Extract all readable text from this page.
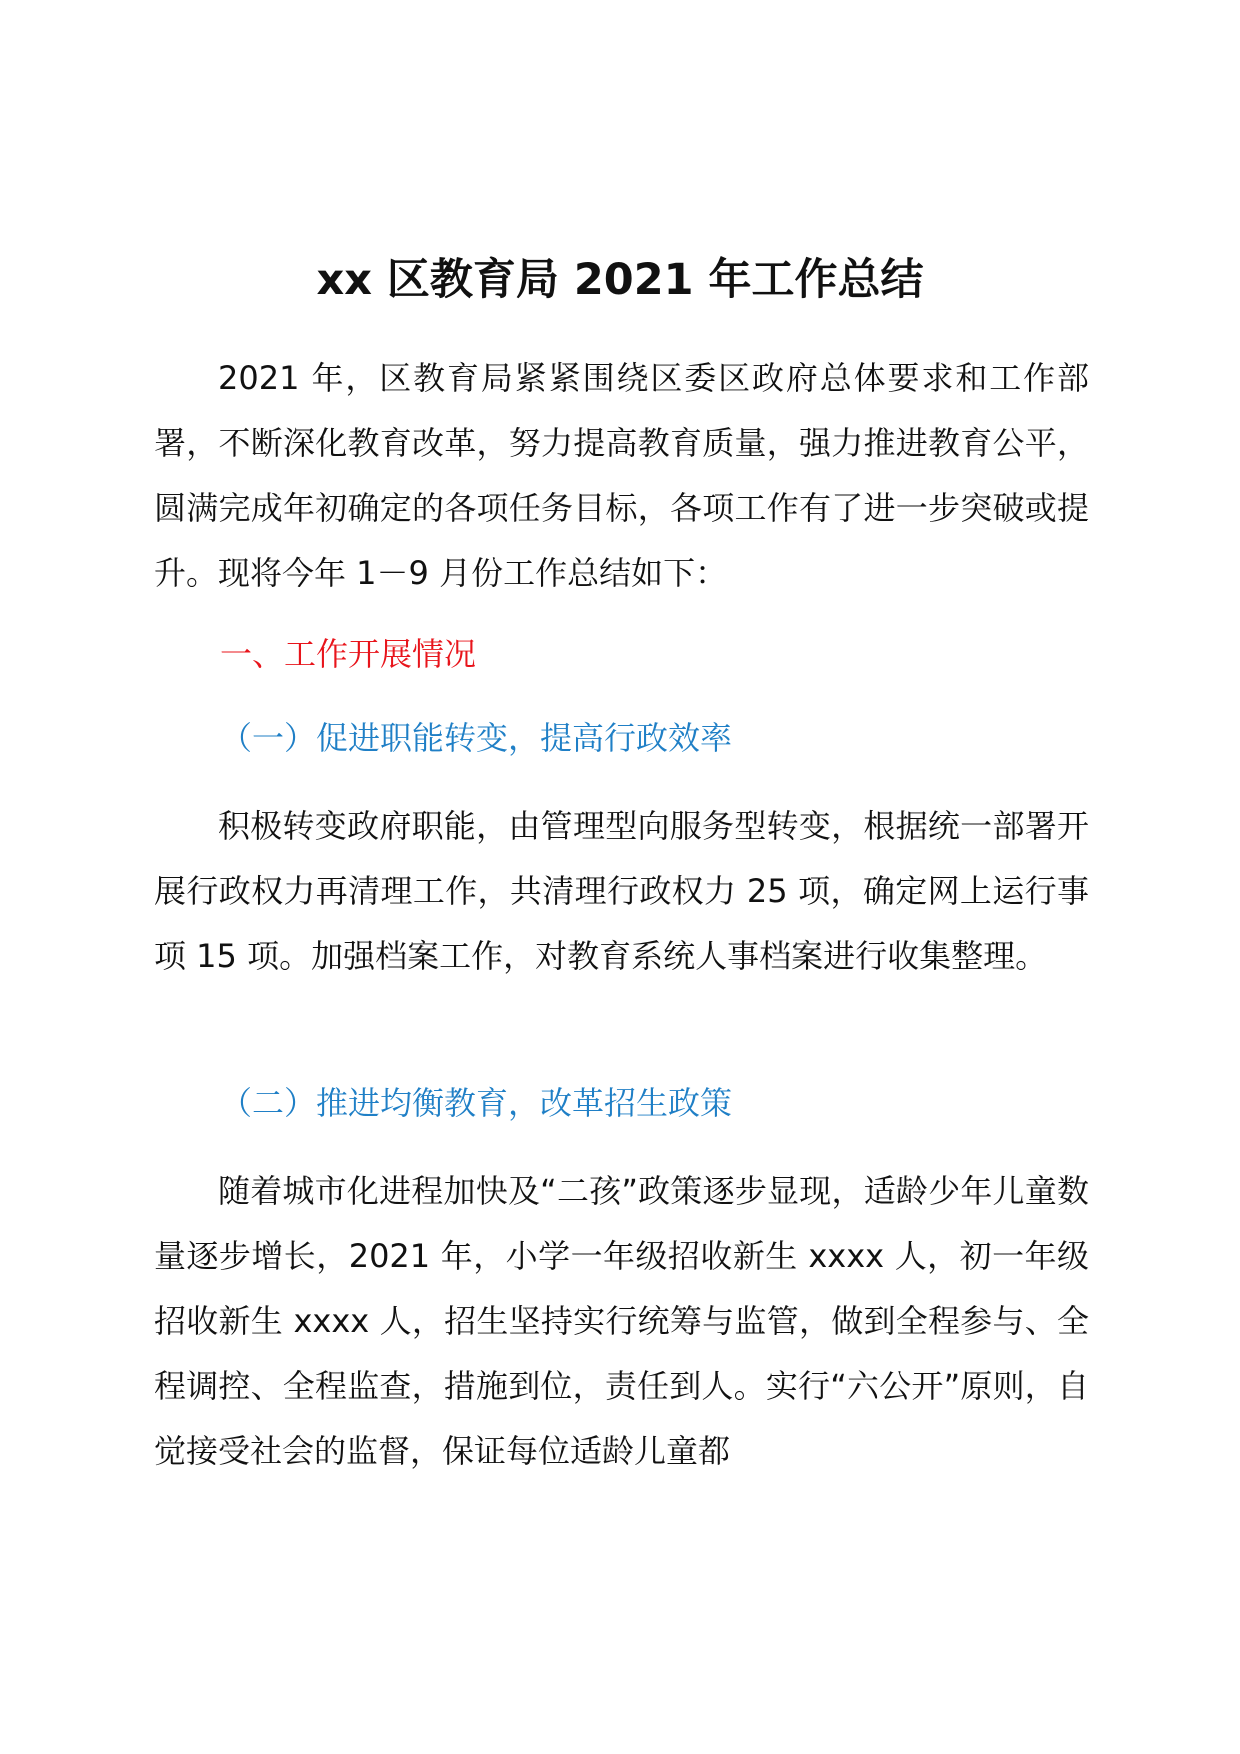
xx 区教育局 2021 年工作总结

2021 年，区教育局紧紧围绕区委区政府总体要求和工作部署，不断深化教育改革，努力提高教育质量，强力推进教育公平，圆满完成年初确定的各项任务目标，各项工作有了进一步突破或提升。现将今年 1－9 月份工作总结如下：

一、工作开展情况

（一）促进职能转变，提高行政效率

积极转变政府职能，由管理型向服务型转变，根据统一部署开展行政权力再清理工作，共清理行政权力 25 项，确定网上运行事项 15 项。加强档案工作，对教育系统人事档案进行收集整理。

（二）推进均衡教育，改革招生政策

随着城市化进程加快及“二孩”政策逐步显现，适龄少年儿童数量逐步增长，2021 年，小学一年级招收新生 xxxx 人，初一年级招收新生 xxxx 人，招生坚持实行统筹与监管，做到全程参与、全程调控、全程监查，措施到位，责任到人。实行“六公开”原则，自觉接受社会的监督，保证每位适龄儿童都
